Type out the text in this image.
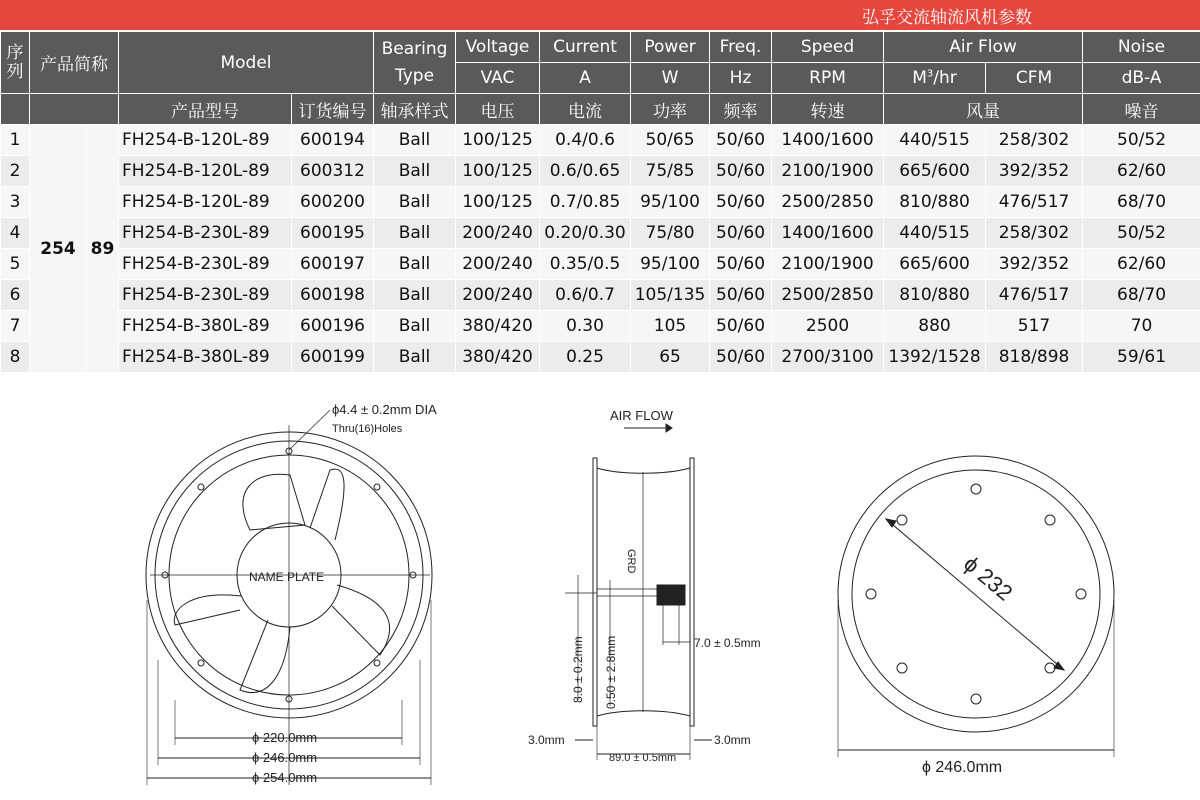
弘孚交流轴流风机参数
序列	产品简称		Model		Bearing Type	Voltage	Current	Power	Freq.	Speed	Air Flow		Noise
						VAC	A	W	Hz	RPM	$M^3/hr$	CFM	dB-A
			产品型号	订货编号	轴承样式	电压	电流	功率	频率	转速	风量		噪音
1	254	89	FH254-B-120L-89	600194	Ball	100/125	0.4/0.6	50/65	50/60	1400/1600	440/515	258/302	50/52
2			FH254-B-120L-89	600312	Ball	100/125	0.6/0.65	75/85	50/60	2100/1900	665/600	392/352	62/60
3			FH254-B-120L-89	600200	Ball	100/125	0.7/0.85	95/100	50/60	2500/2850	810/880	476/517	68/70
4			FH254-B-230L-89	600195	Ball	200/240	0.20/0.30	75/80	50/60	1400/1600	440/515	258/302	50/52
5			FH254-B-230L-89	600197	Ball	200/240	0.35/0.5	95/100	50/60	2100/1900	665/600	392/352	62/60
6			FH254-B-230L-89	600198	Ball	200/240	0.6/0.7	105/135	50/60	2500/2850	810/880	476/517	68/70
7			FH254-B-380L-89	600196	Ball	380/420	0.30	105	50/60	2500	880	517	70
8			FH254-B-380L-89	600199	Ball	380/420	0.25	65	50/60	2700/3100	1392/1528	818/898	59/61
ϕ4.4 ± 0.2mm DIA
Thru(16)Holes
NAME PLATE
ϕ 220.0mm
ϕ 246.0mm
ϕ 254.0mm
AIR FLOW
GRD
7.0 ± 0.5mm
8.0 ± 0.2mm 0.50 ± 2.8mm
3.0mm	3.0mm
89.0 ± 0.5mm
ϕ 232
ϕ 246.0mm
